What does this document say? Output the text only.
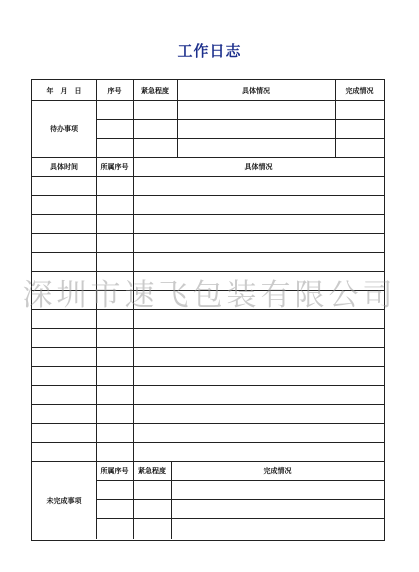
工作日志
年　月　日	序号	紧急程度	具体情况	完成情况
待办事项
具体时间	所属序号	具体情况
所属序号	紧急程度	完成情况
未完成事项
深圳市速飞包装有限公司
